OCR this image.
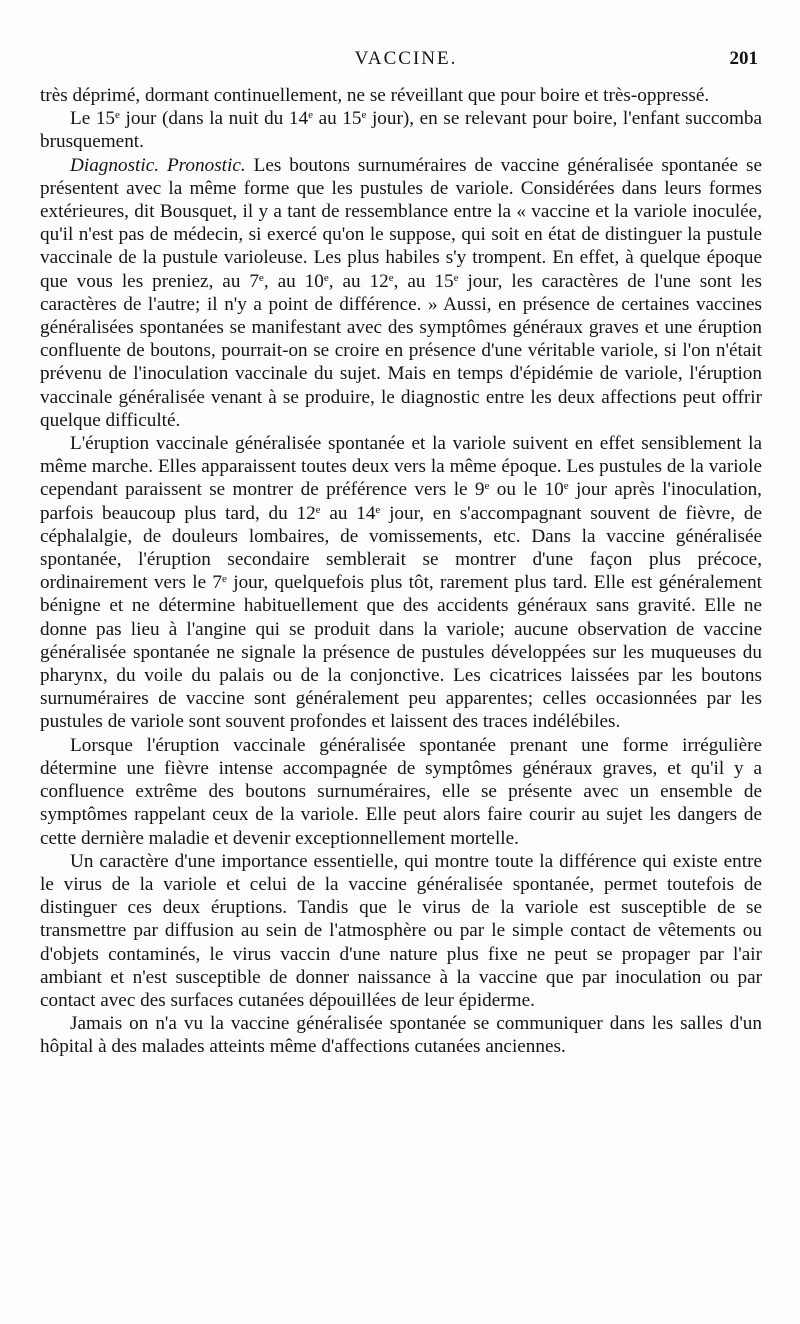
VACCINE.	201

très déprimé, dormant continuellement, ne se réveillant que pour boire et très-oppressé.

Le 15e jour (dans la nuit du 14e au 15e jour), en se relevant pour boire, l'enfant succomba brusquement.

Diagnostic. Pronostic. Les boutons surnuméraires de vaccine généralisée spontanée se présentent avec la même forme que les pustules de variole. Considérées dans leurs formes extérieures, dit Bousquet, il y a tant de ressemblance entre la « vaccine et la variole inoculée, qu'il n'est pas de médecin, si exercé qu'on le suppose, qui soit en état de distinguer la pustule vaccinale de la pustule varioleuse. Les plus habiles s'y trompent. En effet, à quelque époque que vous les preniez, au 7e, au 10e, au 12e, au 15e jour, les caractères de l'une sont les caractères de l'autre; il n'y a point de différence. » Aussi, en présence de certaines vaccines généralisées spontanées se manifestant avec des symptômes généraux graves et une éruption confluente de boutons, pourrait-on se croire en présence d'une véritable variole, si l'on n'était prévenu de l'inoculation vaccinale du sujet. Mais en temps d'épidémie de variole, l'éruption vaccinale généralisée venant à se produire, le diagnostic entre les deux affections peut offrir quelque difficulté.

L'éruption vaccinale généralisée spontanée et la variole suivent en effet sensiblement la même marche. Elles apparaissent toutes deux vers la même époque. Les pustules de la variole cependant paraissent se montrer de préférence vers le 9e ou le 10e jour après l'inoculation, parfois beaucoup plus tard, du 12e au 14e jour, en s'accompagnant souvent de fièvre, de céphalalgie, de douleurs lombaires, de vomissements, etc. Dans la vaccine généralisée spontanée, l'éruption secondaire semblerait se montrer d'une façon plus précoce, ordinairement vers le 7e jour, quelquefois plus tôt, rarement plus tard. Elle est généralement bénigne et ne détermine habituellement que des accidents généraux sans gravité. Elle ne donne pas lieu à l'angine qui se produit dans la variole; aucune observation de vaccine généralisée spontanée ne signale la présence de pustules développées sur les muqueuses du pharynx, du voile du palais ou de la conjonctive. Les cicatrices laissées par les boutons surnuméraires de vaccine sont généralement peu apparentes; celles occasionnées par les pustules de variole sont souvent profondes et laissent des traces indélébiles.

Lorsque l'éruption vaccinale généralisée spontanée prenant une forme irrégulière détermine une fièvre intense accompagnée de symptômes généraux graves, et qu'il y a confluence extrême des boutons surnuméraires, elle se présente avec un ensemble de symptômes rappelant ceux de la variole. Elle peut alors faire courir au sujet les dangers de cette dernière maladie et devenir exceptionnellement mortelle.

Un caractère d'une importance essentielle, qui montre toute la différence qui existe entre le virus de la variole et celui de la vaccine généralisée spontanée, permet toutefois de distinguer ces deux éruptions. Tandis que le virus de la variole est susceptible de se transmettre par diffusion au sein de l'atmosphère ou par le simple contact de vêtements ou d'objets contaminés, le virus vaccin d'une nature plus fixe ne peut se propager par l'air ambiant et n'est susceptible de donner naissance à la vaccine que par inoculation ou par contact avec des surfaces cutanées dépouillées de leur épiderme.

Jamais on n'a vu la vaccine généralisée spontanée se communiquer dans les salles d'un hôpital à des malades atteints même d'affections cutanées anciennes.
